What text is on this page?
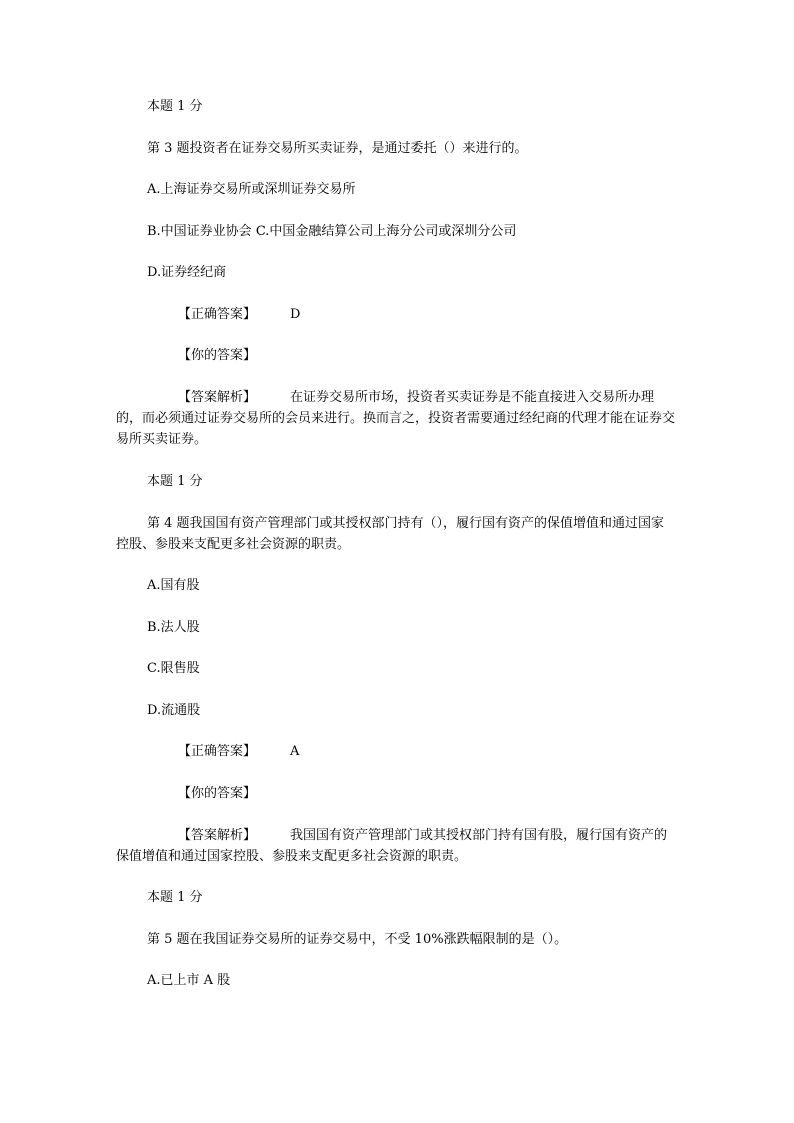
本题 1 分
第 3 题投资者在证券交易所买卖证券，是通过委托（）来进行的。
A.上海证券交易所或深圳证券交易所
B.中国证券业协会 C.中国金融结算公司上海分公司或深圳分公司
D.证券经纪商
【正确答案】	D
【你的答案】
【答案解析】	在证券交易所市场，投资者买卖证券是不能直接进入交易所办理的，而必须通过证券交易所的会员来进行。换而言之，投资者需要通过经纪商的代理才能在证券交易所买卖证券。
本题 1 分
第 4 题我国国有资产管理部门或其授权部门持有（），履行国有资产的保值增值和通过国家控股、参股来支配更多社会资源的职责。
A.国有股
B.法人股
C.限售股
D.流通股
【正确答案】	A
【你的答案】
【答案解析】	我国国有资产管理部门或其授权部门持有国有股，履行国有资产的保值增值和通过国家控股、参股来支配更多社会资源的职责。
本题 1 分
第 5 题在我国证券交易所的证券交易中，不受 10%涨跌幅限制的是（）。
A.已上市 A 股
